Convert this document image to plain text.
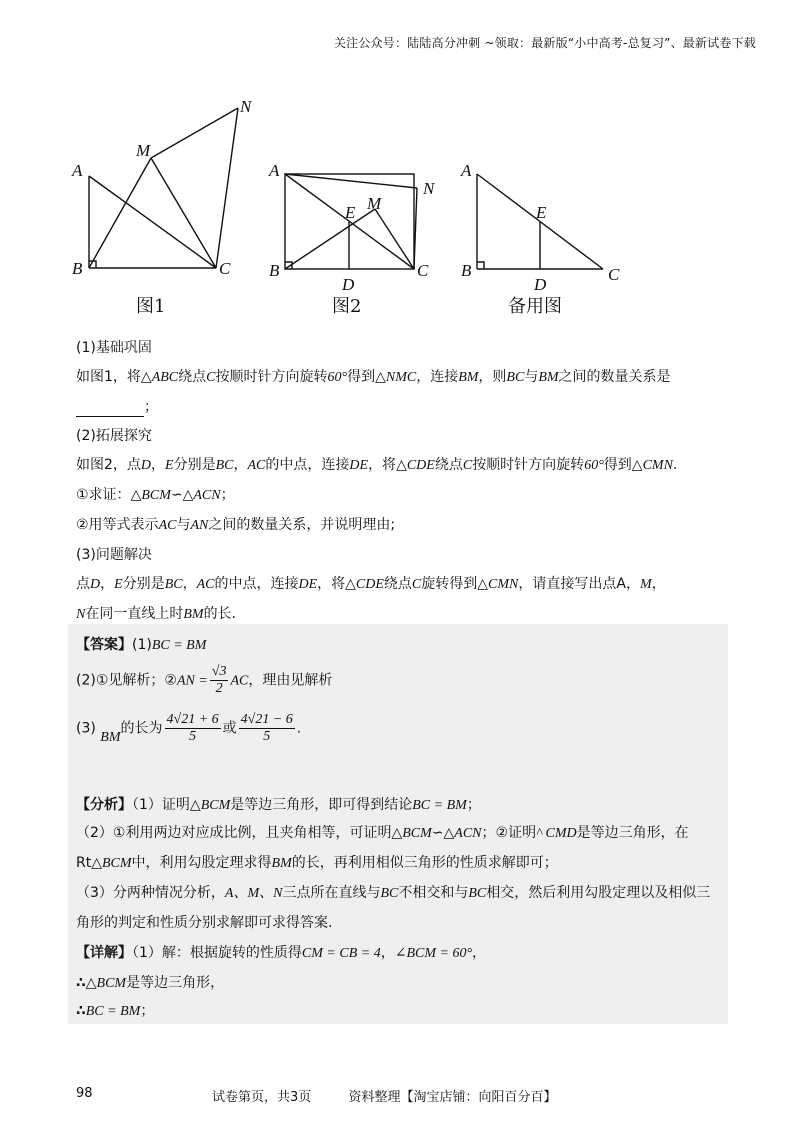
关注公众号：陆陆高分冲刺 ~领取：最新版“小中高考-总复习”、最新试卷下载
A
B	C
M
N
图1
A
B	C
D
E M
N
图2
A
B	C
D
E
备用图

(1)基础巩固

如图1，将△ABC绕点C按顺时针方向旋转60°得到△NMC，连接BM，则BC与BM之间的数量关系是

；

(2)拓展探究

如图2，点D，E分别是BC，AC的中点，连接DE，将△CDE绕点C按顺时针方向旋转60°得到△CMN.

①求证：△BCM∽△ACN；

②用等式表示AC与AN之间的数量关系，并说明理由;

(3)问题解决

点D，E分别是BC，AC的中点，连接DE，将△CDE绕点C旋转得到△CMN，请直接写出点A，M，

N在同一直线上时BM的长.

【答案】(1)BC = BM
(2)①见解析；②AN = $\frac{√3}{2}$ AC，理由见解析
(3) BM的长为 $\frac{4√21 + 6}{5}$ 或 $\frac{4√21 - 6}{5}$ .
【分析】（1）证明△BCM是等边三角形，即可得到结论BC = BM；
（2）①利用两边对应成比例，且夹角相等，可证明△BCM∽△ACN；②证明^ CMD是等边三角形，在
Rt△BCM中，利用勾股定理求得BM的长，再利用相似三角形的性质求解即可；
（3）分两种情况分析，A、M、N三点所在直线与BC不相交和与BC相交，然后利用勾股定理以及相似三
角形的判定和性质分别求解即可求得答案.
【详解】（1）解：根据旋转的性质得CM = CB = 4，∠BCM = 60°，
∴△BCM是等边三角形，
∴BC = BM；
98	试卷第页，共3页         资料整理【淘宝店铺：向阳百分百】
